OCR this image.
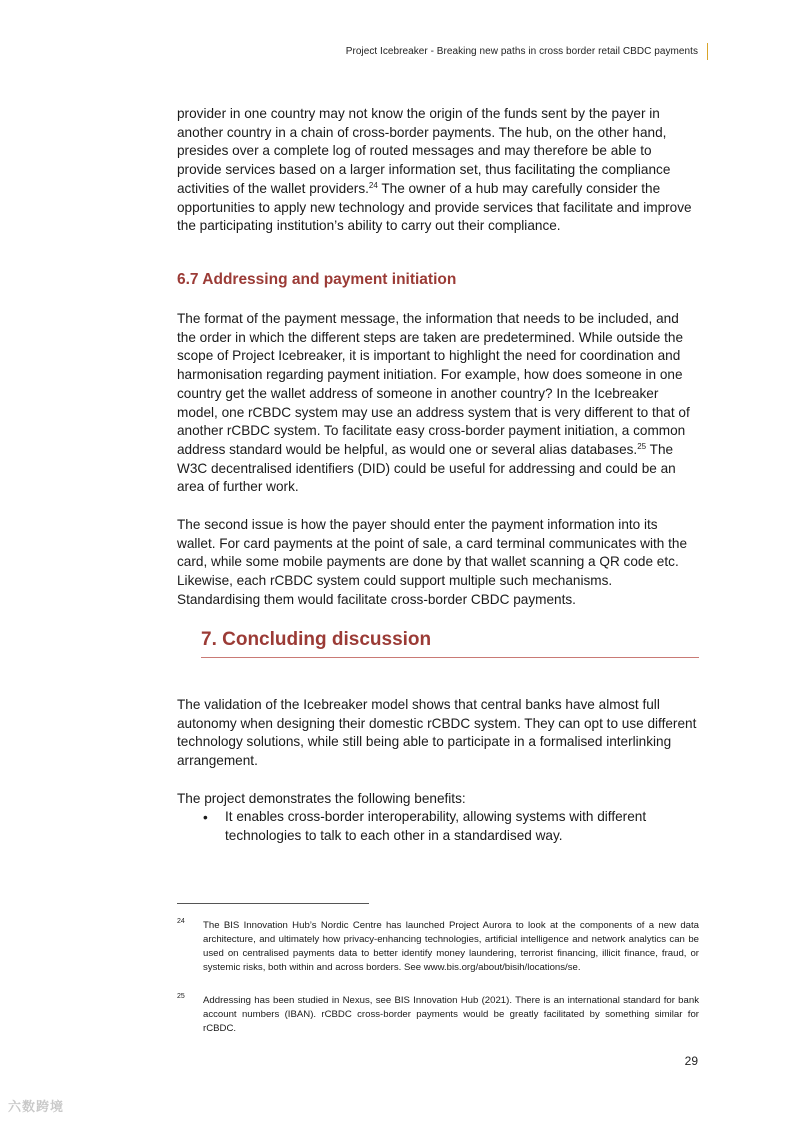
Project Icebreaker - Breaking new paths in cross border retail CBDC payments

provider in one country may not know the origin of the funds sent by the payer in another country in a chain of cross-border payments. The hub, on the other hand, presides over a complete log of routed messages and may therefore be able to provide services based on a larger information set, thus facilitating the compliance activities of the wallet providers.$^{24}$ The owner of a hub may carefully consider the opportunities to apply new technology and provide services that facilitate and improve the participating institution’s ability to carry out their compliance.

6.7 Addressing and payment initiation

The format of the payment message, the information that needs to be included, and the order in which the different steps are taken are predetermined. While outside the scope of Project Icebreaker, it is important to highlight the need for coordination and harmonisation regarding payment initiation. For example, how does someone in one country get the wallet address of someone in another country? In the Icebreaker model, one rCBDC system may use an address system that is very different to that of another rCBDC system. To facilitate easy cross-border payment initiation, a common address standard would be helpful, as would one or several alias databases.$^{25}$ The W3C decentralised identifiers (DID) could be useful for addressing and could be an area of further work.

The second issue is how the payer should enter the payment information into its wallet. For card payments at the point of sale, a card terminal communicates with the card, while some mobile payments are done by that wallet scanning a QR code etc. Likewise, each rCBDC system could support multiple such mechanisms. Standardising them would facilitate cross-border CBDC payments.

7. Concluding discussion

The validation of the Icebreaker model shows that central banks have almost full autonomy when designing their domestic rCBDC system. They can opt to use different technology solutions, while still being able to participate in a formalised interlinking arrangement.

The project demonstrates the following benefits:

• It enables cross-border interoperability, allowing systems with different technologies to talk to each other in a standardised way.

24 The BIS Innovation Hub’s Nordic Centre has launched Project Aurora to look at the components of a new data architecture, and ultimately how privacy-enhancing technologies, artificial intelligence and network analytics can be used on centralised payments data to better identify money laundering, terrorist financing, illicit finance, fraud, or systemic risks, both within and across borders. See www.bis.org/about/bisih/locations/se.

25 Addressing has been studied in Nexus, see BIS Innovation Hub (2021). There is an international standard for bank account numbers (IBAN). rCBDC cross-border payments would be greatly facilitated by something similar for rCBDC.

29
六数跨境
